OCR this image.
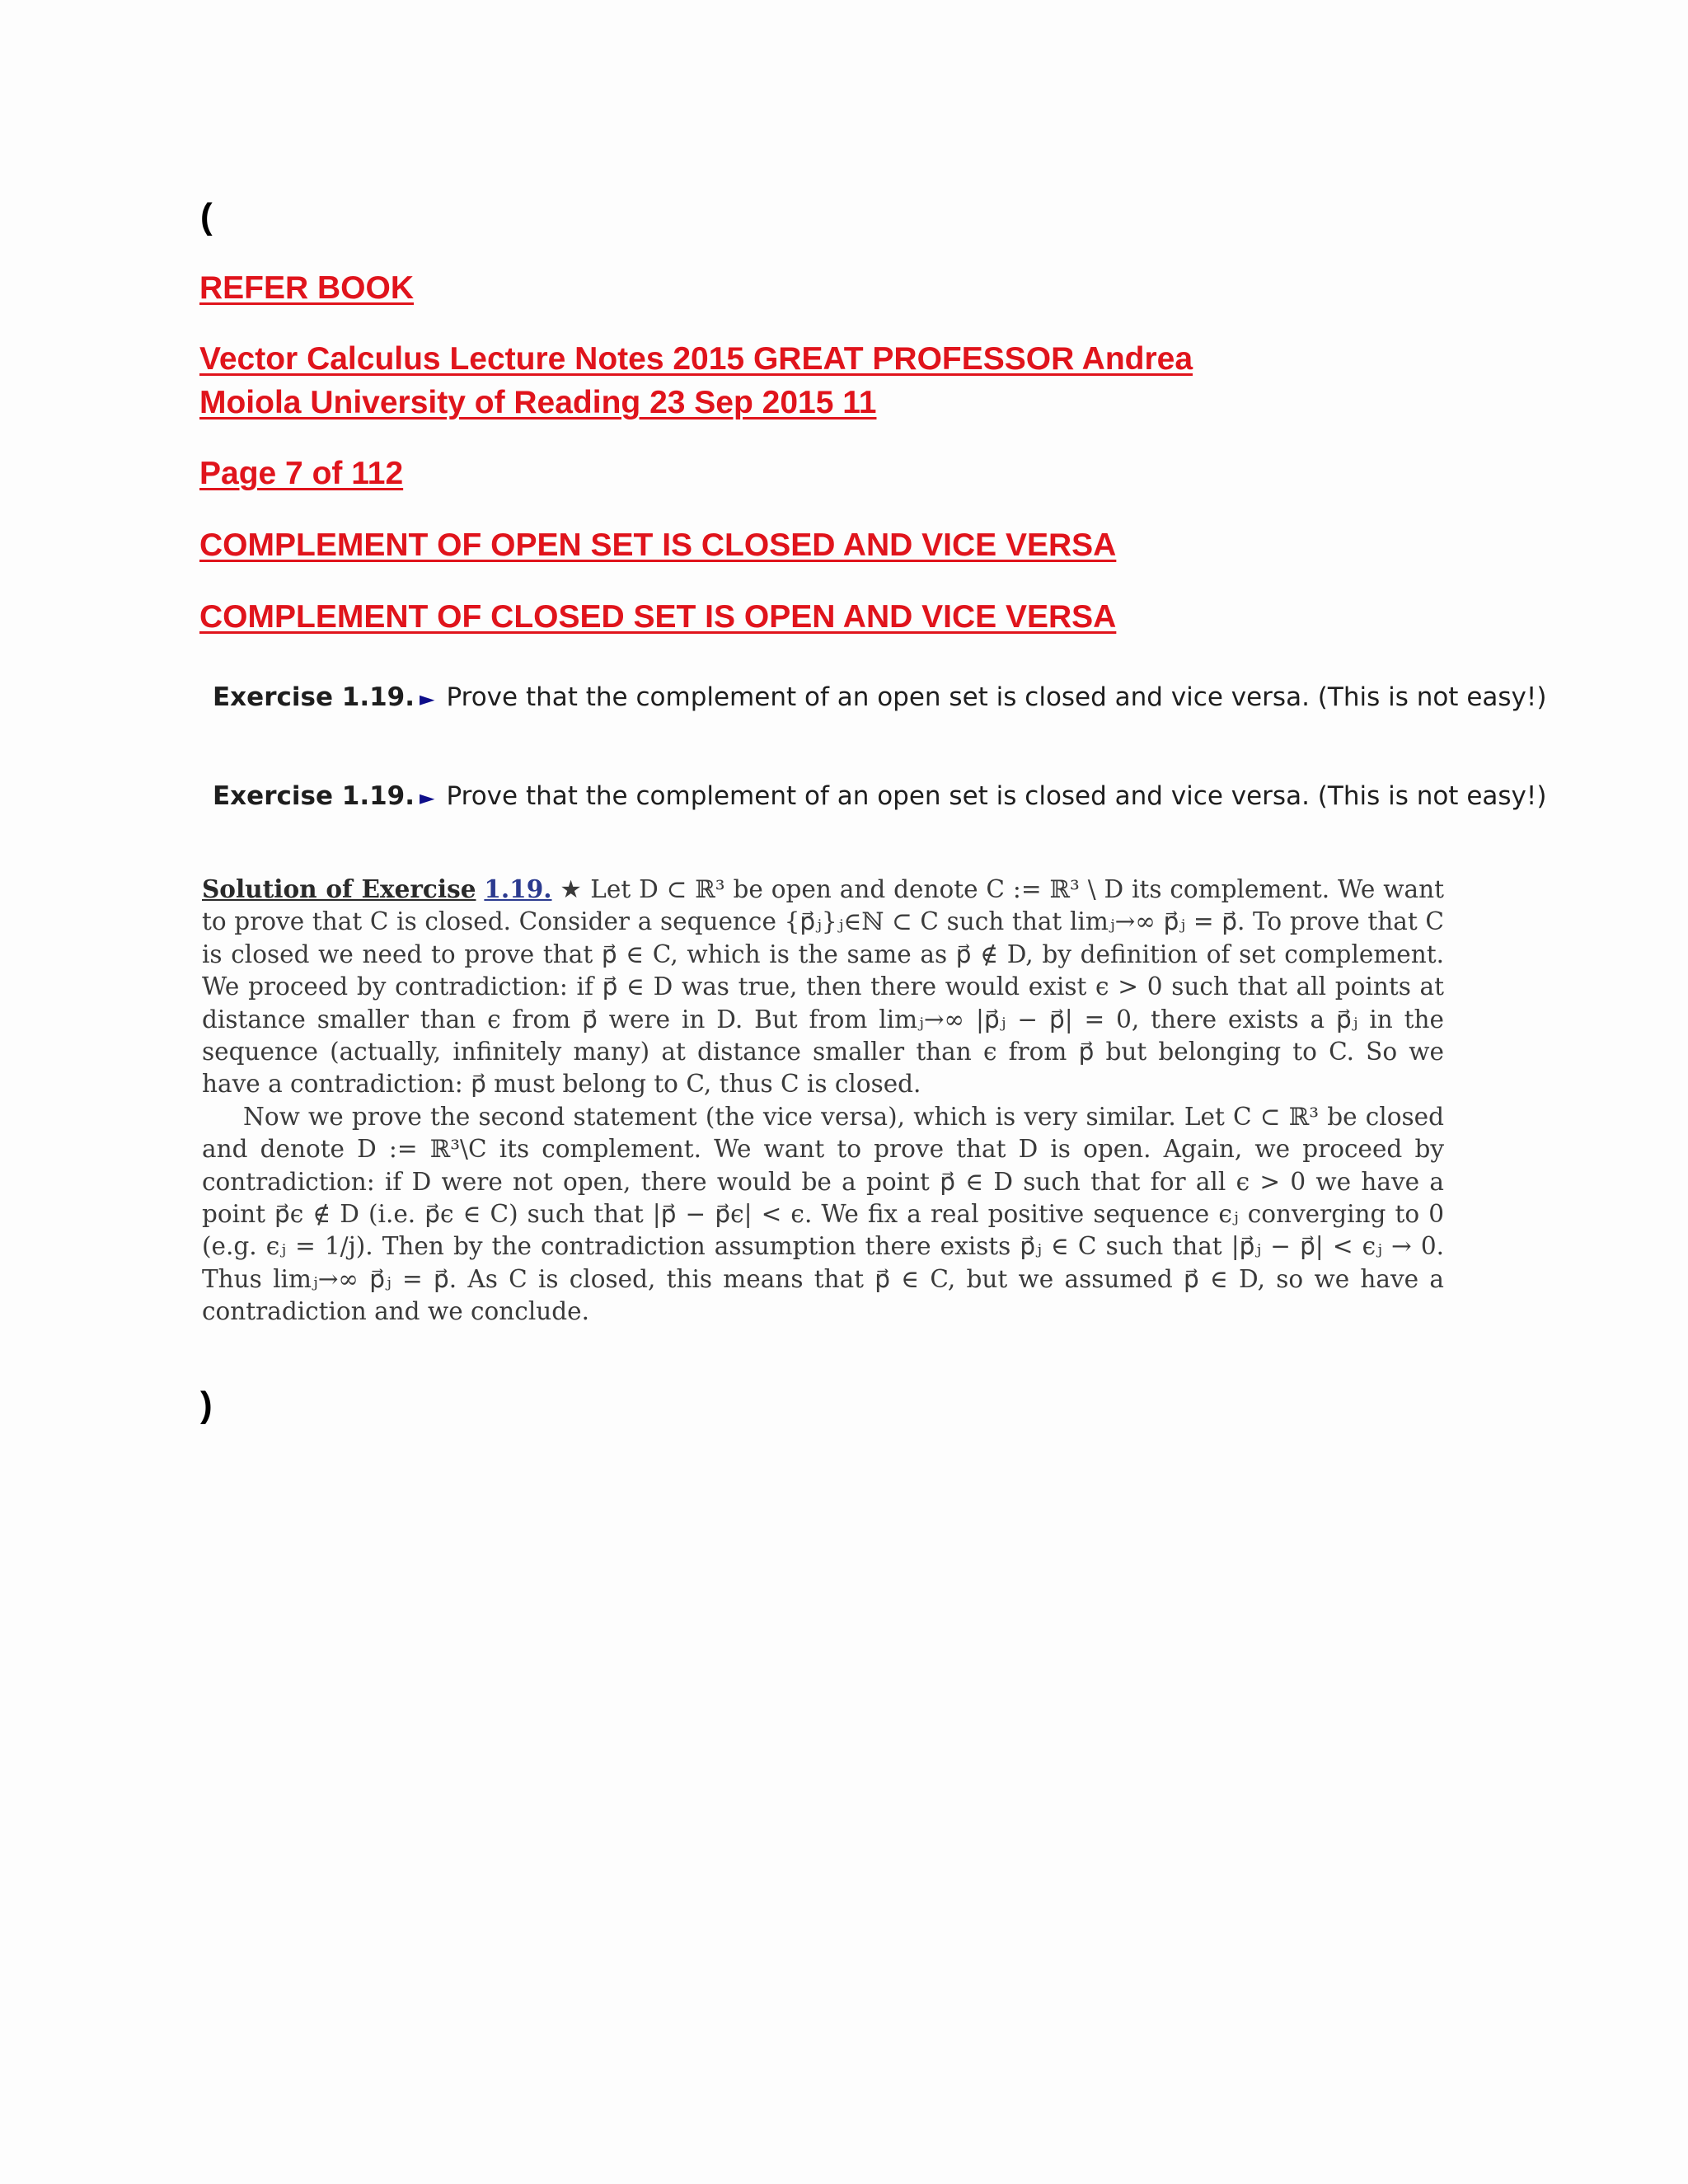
(
REFER BOOK
Vector Calculus Lecture Notes 2015 GREAT PROFESSOR Andrea
Moiola University of Reading 23 Sep 2015 11
Page 7 of 112
COMPLEMENT OF OPEN SET IS CLOSED AND VICE VERSA
COMPLEMENT OF CLOSED SET IS OPEN AND VICE VERSA
Exercise 1.19. ► Prove that the complement of an open set is closed and vice versa. (This is not easy!)
Exercise 1.19. ► Prove that the complement of an open set is closed and vice versa. (This is not easy!)

Solution of Exercise 1.19. ★ Let D ⊂ ℝ³ be open and denote C := ℝ³ \ D its complement. We want to prove that C is closed. Consider a sequence {p⃗ⱼ}ⱼ∈ℕ ⊂ C such that limⱼ→∞ p⃗ⱼ = p⃗. To prove that C is closed we need to prove that p⃗ ∈ C, which is the same as p⃗ ∉ D, by definition of set complement. We proceed by contradiction: if p⃗ ∈ D was true, then there would exist ϵ > 0 such that all points at distance smaller than ϵ from p⃗ were in D. But from limⱼ→∞ |p⃗ⱼ − p⃗| = 0, there exists a p⃗ⱼ in the sequence (actually, infinitely many) at distance smaller than ϵ from p⃗ but belonging to C. So we have a contradiction: p⃗ must belong to C, thus C is closed.

Now we prove the second statement (the vice versa), which is very similar. Let C ⊂ ℝ³ be closed and denote D := ℝ³\C its complement. We want to prove that D is open. Again, we proceed by contradiction: if D were not open, there would be a point p⃗ ∈ D such that for all ϵ > 0 we have a point p⃗ϵ ∉ D (i.e. p⃗ϵ ∈ C) such that |p⃗ − p⃗ϵ| < ϵ. We fix a real positive sequence ϵⱼ converging to 0 (e.g. ϵⱼ = 1/j). Then by the contradiction assumption there exists p⃗ⱼ ∈ C such that |p⃗ⱼ − p⃗| < ϵⱼ → 0. Thus limⱼ→∞ p⃗ⱼ = p⃗. As C is closed, this means that p⃗ ∈ C, but we assumed p⃗ ∈ D, so we have a contradiction and we conclude.

)
